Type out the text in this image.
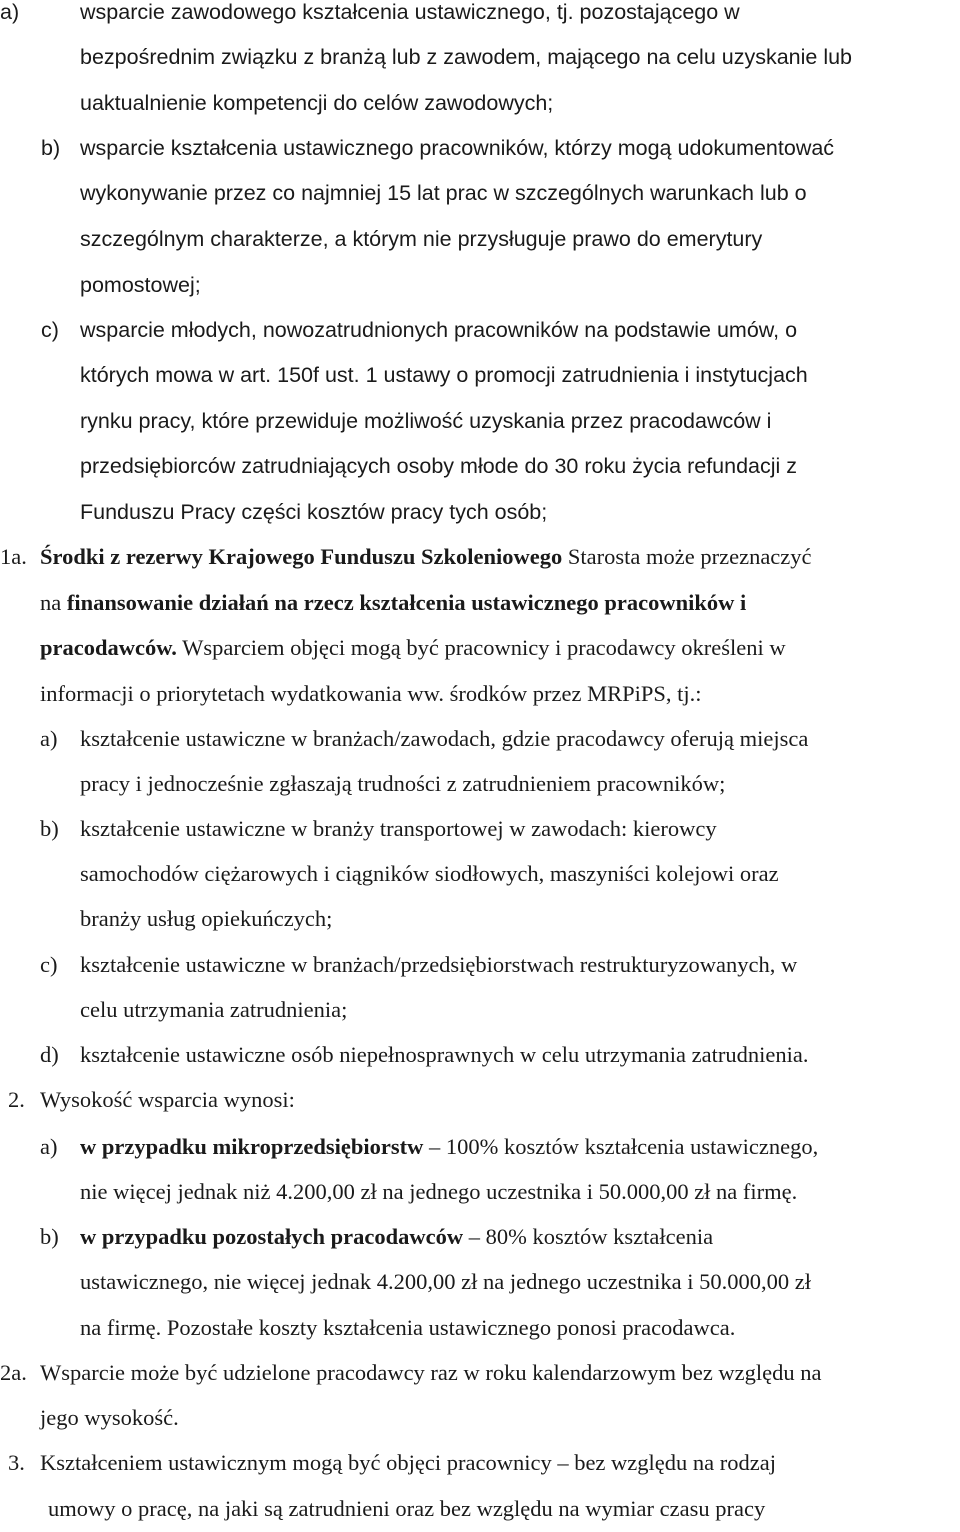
a)	wsparcie zawodowego kształcenia ustawicznego, tj. pozostającego w
bezpośrednim związku z branżą lub z zawodem, mającego na celu uzyskanie lub
uaktualnienie kompetencji do celów zawodowych;
b) wsparcie kształcenia ustawicznego pracowników, którzy mogą udokumentować
wykonywanie przez co najmniej 15 lat prac w szczególnych warunkach lub o
szczególnym charakterze, a którym nie przysługuje prawo do emerytury
pomostowej;
c) wsparcie młodych, nowozatrudnionych pracowników na podstawie umów, o
których mowa w art. 150f ust. 1 ustawy o promocji zatrudnienia i instytucjach
rynku pracy, które przewiduje możliwość uzyskania przez pracodawców i
przedsiębiorców zatrudniających osoby młode do 30 roku życia refundacji z
Funduszu Pracy części kosztów pracy tych osób;
1a. Środki z rezerwy Krajowego Funduszu Szkoleniowego Starosta może przeznaczyć
na finansowanie działań na rzecz kształcenia ustawicznego pracowników i
pracodawców. Wsparciem objęci mogą być pracownicy i pracodawcy określeni w
informacji o priorytetach wydatkowania ww. środków przez MRPiPS, tj.:
a) kształcenie ustawiczne w branżach/zawodach, gdzie pracodawcy oferują miejsca
pracy i jednocześnie zgłaszają trudności z zatrudnieniem pracowników;
b) kształcenie ustawiczne w branży transportowej w zawodach: kierowcy
samochodów ciężarowych i ciągników siodłowych, maszyniści kolejowi oraz
branży usług opiekuńczych;
c) kształcenie ustawiczne w branżach/przedsiębiorstwach restrukturyzowanych, w
celu utrzymania zatrudnienia;
d) kształcenie ustawiczne osób niepełnosprawnych w celu utrzymania zatrudnienia.
2. Wysokość wsparcia wynosi:
a) w przypadku mikroprzedsiębiorstw – 100% kosztów kształcenia ustawicznego,
nie więcej jednak niż 4.200,00 zł na jednego uczestnika i 50.000,00 zł na firmę.
b) w przypadku pozostałych pracodawców – 80% kosztów kształcenia
ustawicznego, nie więcej jednak 4.200,00 zł na jednego uczestnika i 50.000,00 zł
na firmę. Pozostałe koszty kształcenia ustawicznego ponosi pracodawca.
2a. Wsparcie może być udzielone pracodawcy raz w roku kalendarzowym bez względu na
jego wysokość.
3. Kształceniem ustawicznym mogą być objęci pracownicy – bez względu na rodzaj
umowy o pracę, na jaki są zatrudnieni oraz bez względu na wymiar czasu pracy
